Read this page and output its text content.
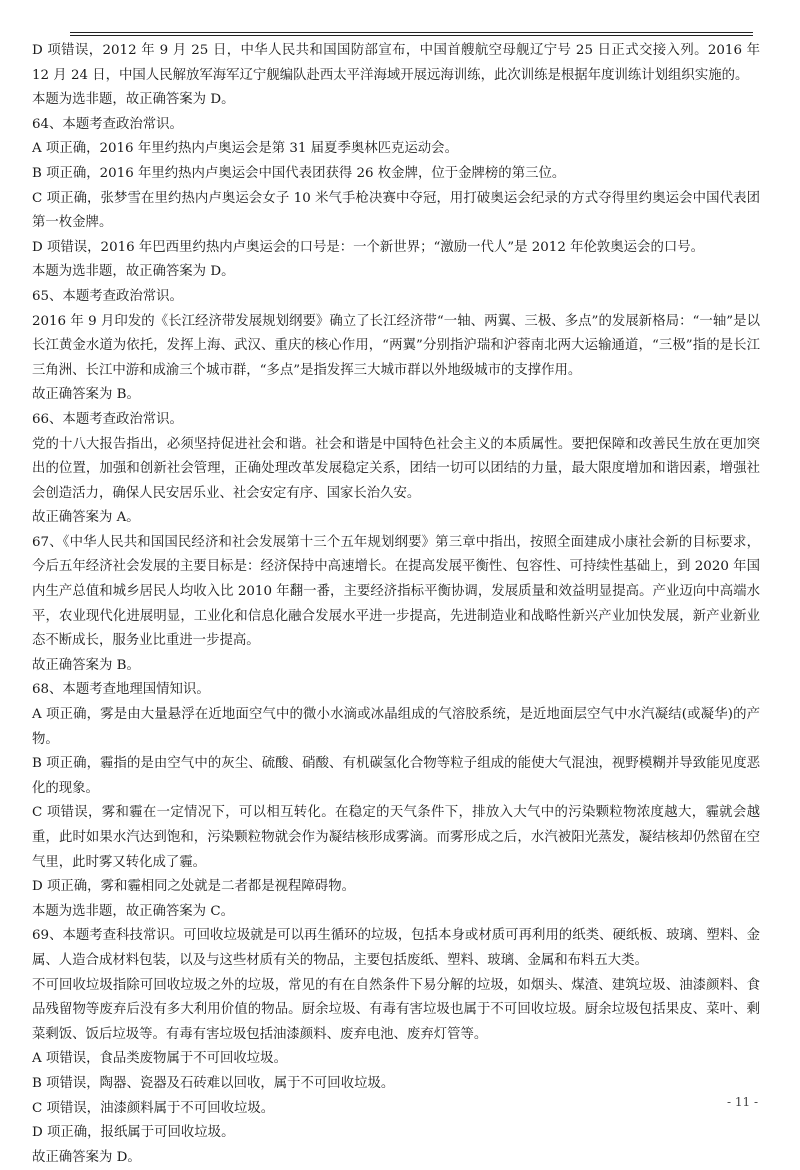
D 项错误，2012 年 9 月 25 日，中华人民共和国国防部宣布，中国首艘航空母舰辽宁号 25 日正式交接入列。2016 年 12 月 24 日，中国人民解放军海军辽宁舰编队赴西太平洋海域开展远海训练，此次训练是根据年度训练计划组织实施的。

本题为选非题，故正确答案为 D。

64、本题考查政治常识。

A 项正确，2016 年里约热内卢奥运会是第 31 届夏季奥林匹克运动会。

B 项正确，2016 年里约热内卢奥运会中国代表团获得 26 枚金牌，位于金牌榜的第三位。

C 项正确，张梦雪在里约热内卢奥运会女子 10 米气手枪决赛中夺冠，用打破奥运会纪录的方式夺得里约奥运会中国代表团第一枚金牌。

D 项错误，2016 年巴西里约热内卢奥运会的口号是：一个新世界；“激励一代人”是 2012 年伦敦奥运会的口号。

本题为选非题，故正确答案为 D。

65、本题考查政治常识。

2016 年 9 月印发的《长江经济带发展规划纲要》确立了长江经济带“一轴、两翼、三极、多点”的发展新格局：“一轴”是以长江黄金水道为依托，发挥上海、武汉、重庆的核心作用，“两翼”分别指沪瑞和沪蓉南北两大运输通道，“三极”指的是长江三角洲、长江中游和成渝三个城市群，“多点”是指发挥三大城市群以外地级城市的支撑作用。

故正确答案为 B。

66、本题考查政治常识。

党的十八大报告指出，必须坚持促进社会和谐。社会和谐是中国特色社会主义的本质属性。要把保障和改善民生放在更加突出的位置，加强和创新社会管理，正确处理改革发展稳定关系，团结一切可以团结的力量，最大限度增加和谐因素，增强社会创造活力，确保人民安居乐业、社会安定有序、国家长治久安。

故正确答案为 A。

67、《中华人民共和国国民经济和社会发展第十三个五年规划纲要》第三章中指出，按照全面建成小康社会新的目标要求，今后五年经济社会发展的主要目标是：经济保持中高速增长。在提高发展平衡性、包容性、可持续性基础上，到 2020 年国内生产总值和城乡居民人均收入比 2010 年翻一番，主要经济指标平衡协调，发展质量和效益明显提高。产业迈向中高端水平，农业现代化进展明显，工业化和信息化融合发展水平进一步提高，先进制造业和战略性新兴产业加快发展，新产业新业态不断成长，服务业比重进一步提高。

故正确答案为 B。

68、本题考查地理国情知识。

A 项正确，雾是由大量悬浮在近地面空气中的微小水滴或冰晶组成的气溶胶系统，是近地面层空气中水汽凝结(或凝华)的产物。

B 项正确，霾指的是由空气中的灰尘、硫酸、硝酸、有机碳氢化合物等粒子组成的能使大气混浊，视野模糊并导致能见度恶化的现象。

C 项错误，雾和霾在一定情况下，可以相互转化。在稳定的天气条件下，排放入大气中的污染颗粒物浓度越大，霾就会越重，此时如果水汽达到饱和，污染颗粒物就会作为凝结核形成雾滴。而雾形成之后，水汽被阳光蒸发，凝结核却仍然留在空气里，此时雾又转化成了霾。

D 项正确，雾和霾相同之处就是二者都是视程障碍物。

本题为选非题，故正确答案为 C。

69、本题考查科技常识。可回收垃圾就是可以再生循环的垃圾，包括本身或材质可再利用的纸类、硬纸板、玻璃、塑料、金属、人造合成材料包装，以及与这些材质有关的物品，主要包括废纸、塑料、玻璃、金属和布料五大类。

不可回收垃圾指除可回收垃圾之外的垃圾，常见的有在自然条件下易分解的垃圾，如烟头、煤渣、建筑垃圾、油漆颜料、食品残留物等废弃后没有多大利用价值的物品。厨余垃圾、有毒有害垃圾也属于不可回收垃圾。厨余垃圾包括果皮、菜叶、剩菜剩饭、饭后垃圾等。有毒有害垃圾包括油漆颜料、废弃电池、废弃灯管等。

A 项错误，食品类废物属于不可回收垃圾。

B 项错误，陶器、瓷器及石砖难以回收，属于不可回收垃圾。

C 项错误，油漆颜料属于不可回收垃圾。

D 项正确，报纸属于可回收垃圾。

故正确答案为 D。

- 11 -
